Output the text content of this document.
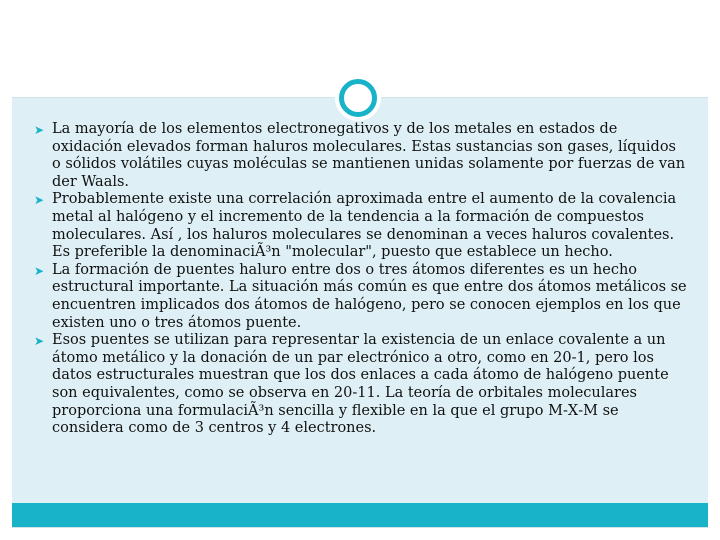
➤ La mayoría de los elementos electronegativos y de los metales en estados de oxidación elevados forman haluros moleculares. Estas sustancias son gases, líquidos o sólidos volátiles cuyas moléculas se mantienen unidas solamente por fuerzas de van der Waals.
➤ Probablemente existe una correlación aproximada entre el aumento de la covalencia metal al halógeno y el incremento de la tendencia a la formación de compuestos moleculares. Así , los haluros moleculares se denominan a veces haluros covalentes. Es preferible la denominaciÃ³n "molecular", puesto que establece un hecho.
➤ La formación de puentes haluro entre dos o tres átomos diferentes es un hecho estructural importante. La situación más común es que entre dos átomos metálicos se encuentren implicados dos átomos de halógeno, pero se conocen ejemplos en los que existen uno o tres átomos puente.
➤ Esos puentes se utilizan para representar la existencia de un enlace covalente a un átomo metálico y la donación de un par electrónico a otro, como en 20‑1, pero los datos estructurales muestran que los dos enlaces a cada átomo de halógeno puente son equivalentes, como se observa en 20‑11. La teoría de orbitales moleculares proporciona una formulaciÃ³n sencilla y flexible en la que el grupo M‑X‑M se considera como de 3 centros y 4 electrones.
